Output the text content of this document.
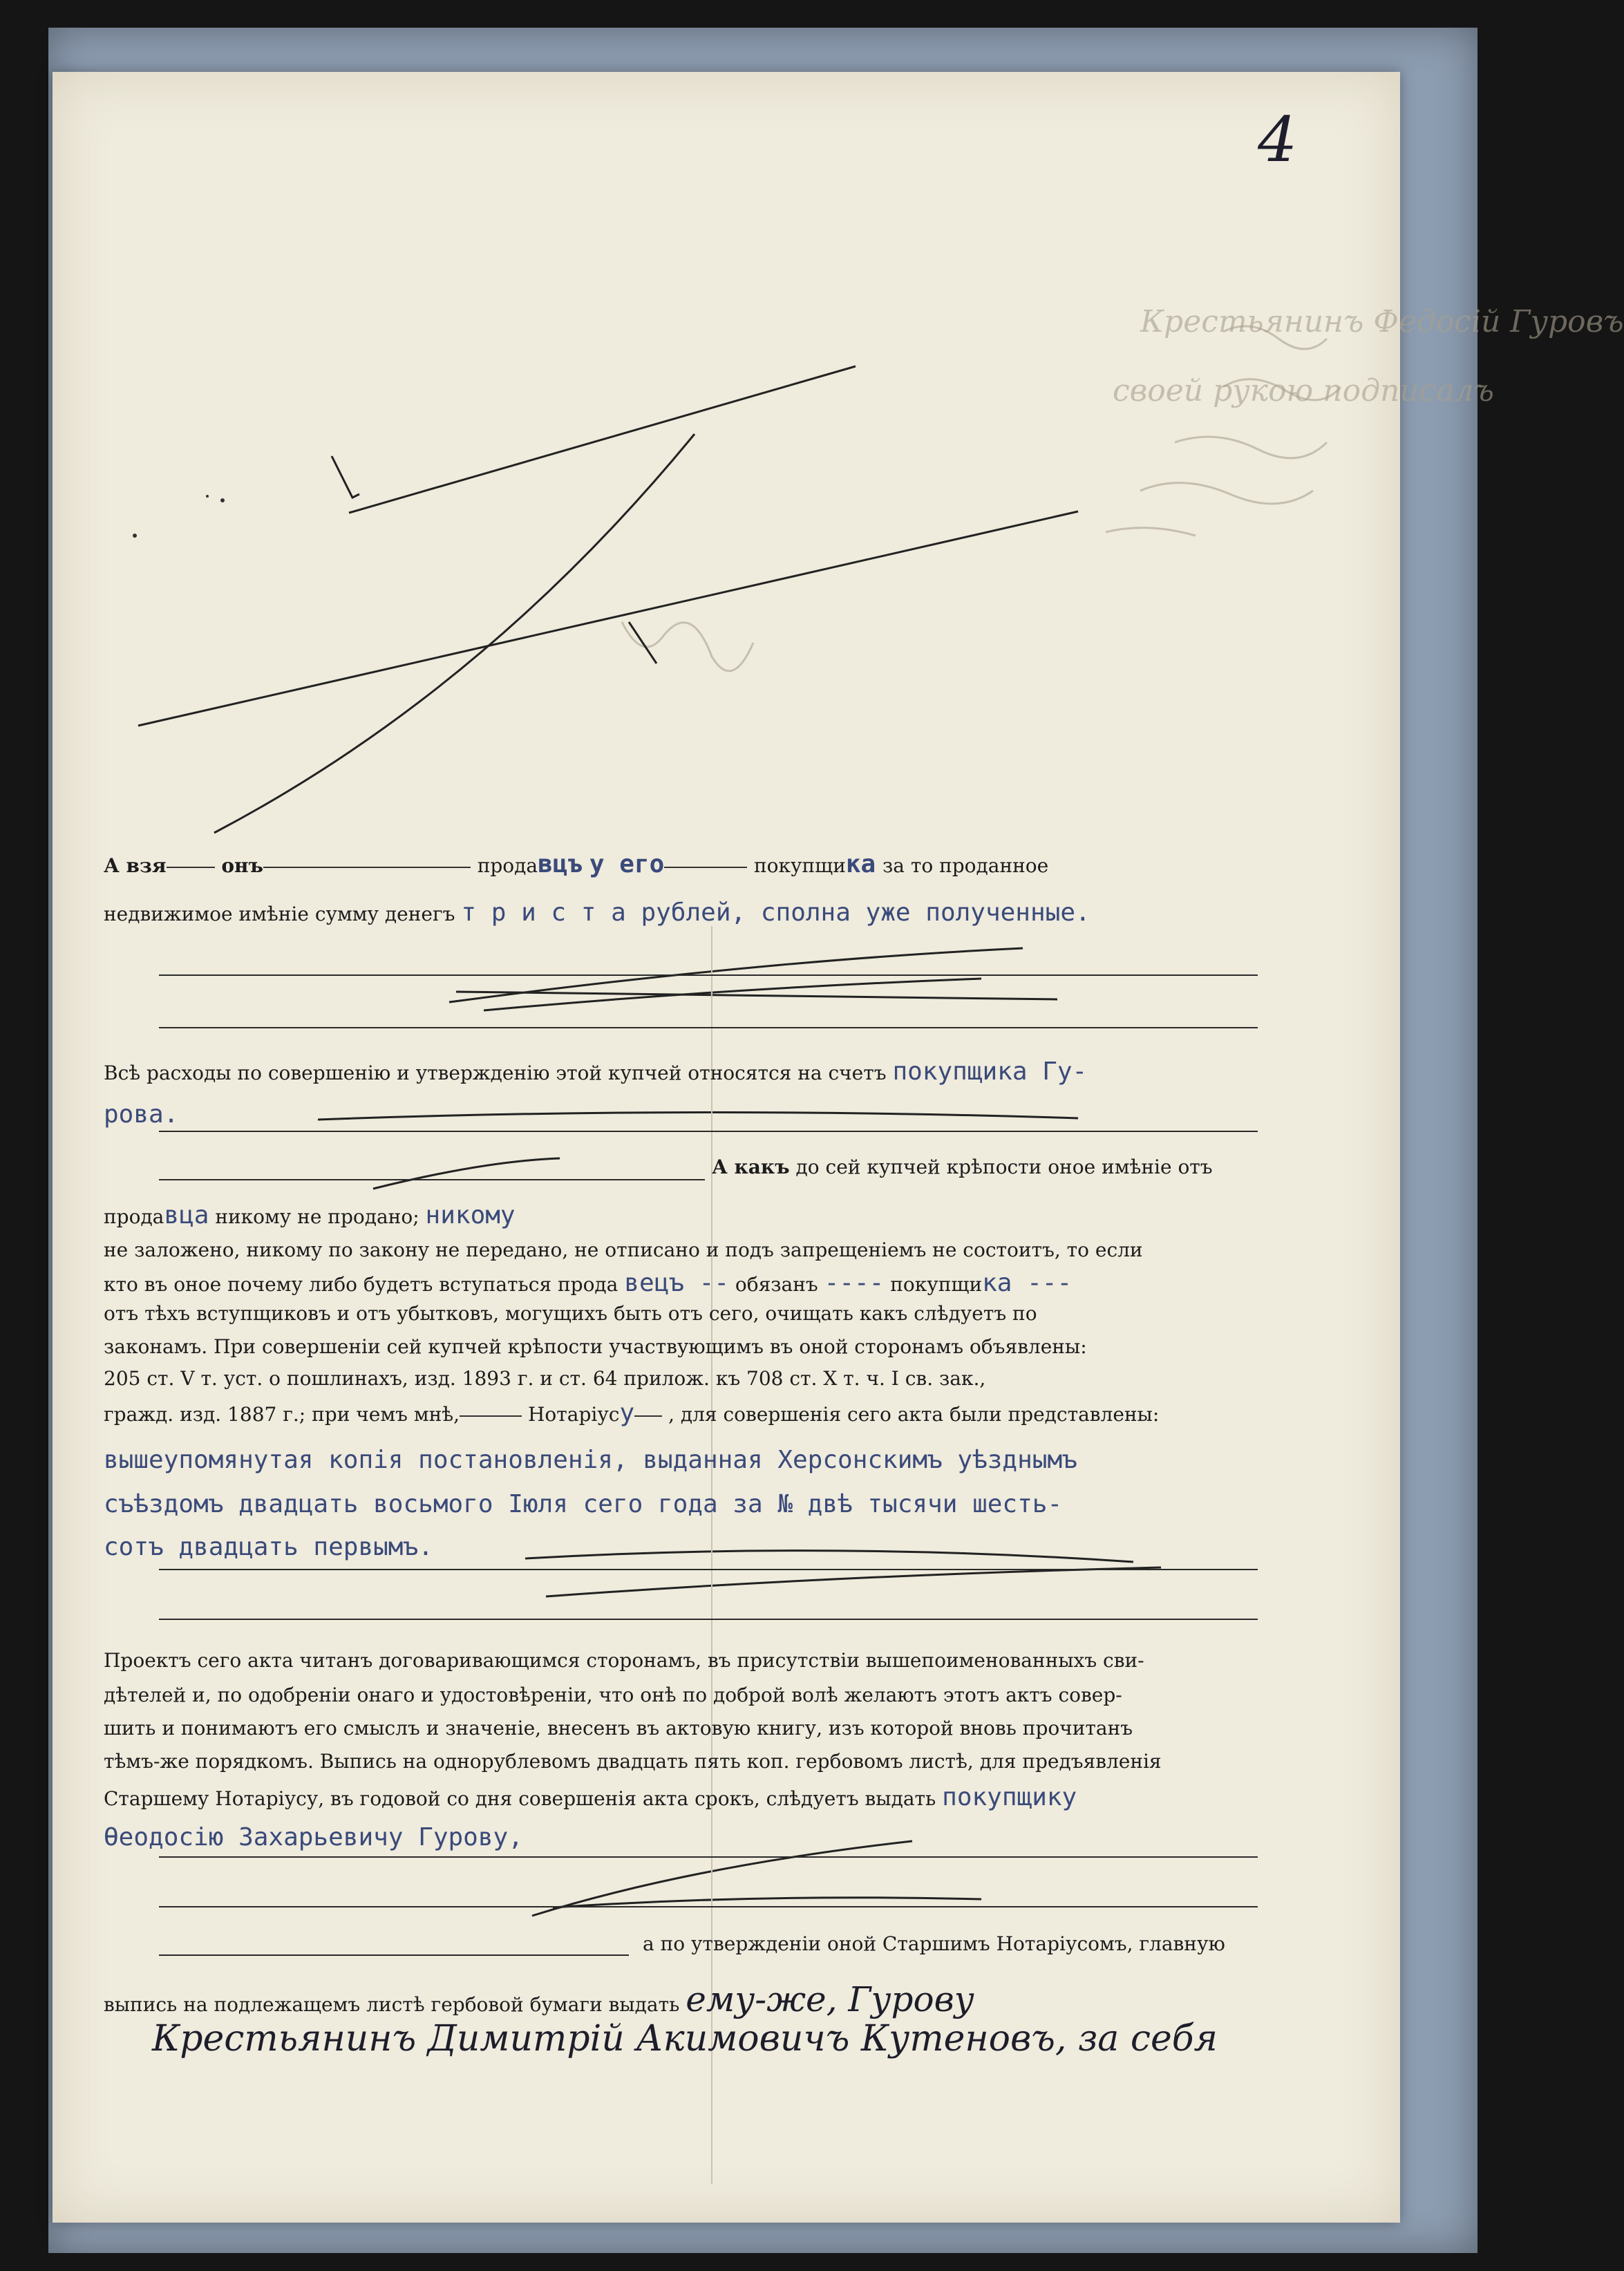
4
А взя	онъ	продавцъ у его	покупщика за то проданное
недвижимое имѣніе сумму денегъ т р и с т а рублей, сполна уже полученные.
Всѣ расходы по совершенію и утвержденію этой купчей относятся на счетъ покупщика Гу-
рова.
А какъ до сей купчей крѣпости оное имѣніе отъ
продавца никому не продано; никому
не заложено, никому по закону не передано, не отписано и подъ запрещеніемъ не состоитъ, то если
кто въ оное почему либо будетъ вступаться прода вецъ -- обязанъ ---- покупщика ---
отъ тѣхъ вступщиковъ и отъ убытковъ, могущихъ быть отъ сего, очищать какъ слѣдуетъ по
закон​амъ. При совершеніи сей купчей крѣпости участвующимъ въ оной сторонамъ объявлены:
205 ст. V т. уст. о пошлинахъ, изд. 1893 г. и ст. 64 прилож. къ 708 ст. X т. ч. I св. зак.,
гражд. изд. 1887 г.; при чемъ мнѣ,	Нотаріусу , для совершенія сего акта были представлены:
вышеупомянутая копія постановленія, выданная Херсонскимъ уѣзднымъ
съѣздомъ двадцать восьмого Іюля сего года за № двѣ тысячи шесть-
сотъ двадцать первымъ.
Проектъ сего акта читанъ договаривающимся сторонамъ, въ присутствіи вышепоименованныхъ сви-
дѣтелей и, по одобреніи онаго и удостовѣреніи, что онѣ по доброй волѣ желаютъ этотъ актъ совер-
шить и понимаютъ его смыслъ и значеніе, внесенъ въ актовую книгу, изъ которой вновь прочитанъ
тѣмъ-же порядкомъ. Выпись на однорублевомъ двадцать пять коп. гербовомъ листѣ, для предъявленія
Старшему Нотаріусу, въ годовой со дня совершенія акта срокъ, слѣдуетъ выдать покупщику
Ѳеодосію Захарьевичу Гурову,
а по утвержденіи оной Старшимъ Нотаріусомъ, главную
выпись на подлежащемъ листѣ гербовой бумаги выдать ему-же, Гурову
Крестьянинъ Димитрій Акимовичъ Кутеновъ, за себя
Крестьянинъ Федосій Гуровъ
своей рукою подписалъ
